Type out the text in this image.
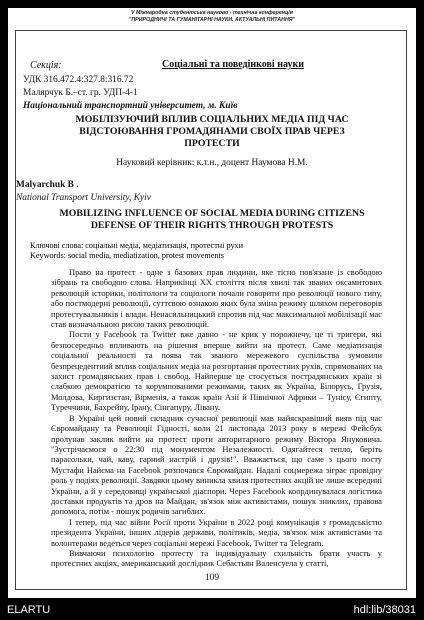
V Міжнародна студентська науково - технічна конференція
"ПРИРОДНИЧІ ТА ГУМАНІТАРНІ НАУКИ. АКТУАЛЬНІ ПИТАННЯ"
Секція:	Соціальні та поведінкові науки
УДК 316.472.4:327.8:316.72
Малярчук Б.–ст. гр. УДП-4-1
Національний транспортний університет, м. Київ
МОБІЛІЗУЮЧИЙ ВПЛИВ СОЦІАЛЬНИХ МЕДІА ПІД ЧАС
ВІДСТОЮВАННЯ ГРОМАДЯНАМИ СВОЇХ ПРАВ ЧЕРЕЗ
ПРОТЕСТИ
Науковий керівник: к.т.н., доцент Наумова Н.М.
Malyarchuk B .
National Transport University, Kyiv
MOBILIZING INFLUENCE OF SOCIAL MEDIA DURING CITIZENS
DEFENSE OF THEIR RIGHTS THROUGH PROTESTS
Ключові слова: соціальні медіа, медіатизація, протестні рухи
Keywords: social media, mediatization, protest movements

Право на протест - одне з базових прав людини, яке тісно пов'язане із свободою зібрань та свободою слова. Наприкінці XX століття після хвилі так званих оксамитових революцій історики, політологи та соціологи почали говорити про революції нового типу, або постмодерні революції, суттєвою ознакою яких була зміна режиму шляхом переговорів протестувальників і влади. Ненасильницький спротив під час максимальної мобілізації мас став визначальною рисою таких революцій.

Пости у Facebook та Twitter вже давно - не крик у порожнечу, це ті тригери, які безпосередньо впливають на рішення вперше вийти на протест. Саме медіатизація соціальної реальності та поява так званого мережевого суспільства зумовили безпрецедентний вплив соціальних медіа на розгортання протестних рухів, спрямованих на захист громадянських прав і свобод. Найперше це стосується пострадянських країн зі слабкою демократією та корумпованими режимами, таких як Україна, Білорусь, Грузія, Молдова, Киргизстан, Вірменія, а також країн Азії й Північної Африки – Тунісу, Єгипту, Туреччини, Бахрейну, Ірану, Сінгапуру, Лівану.

В Україні цей новий складник сучасної революції мав найяскравіший вияв під час Євромайдану та Революції Гідності, коли 21 листопада 2013 року в мережі Фейсбук пролунав заклик вийти на протест проти авторитарного режиму Віктора Януковича. "Зустрічаємося о 22:30 під монументом Незалежності. Одягайтеся тепло, беріть парасольки, чай, каву, гарний настрій і друзів!". Вважається, що саме з цього посту Мустафи Найєма на Facebook розпочався Євромайдан. Надалі соцмережа зіграє провідну роль у подіях революції. Завдяки цьому виникла хвиля протестних акцій не лише всередині України, а й у середовищі української діаспори. Через Facebook координувалася логістика доставки продуктів та дров на Майдан, зв'язок між активістами, пошук зниклих, правова допомога, потім - пошук родичів загиблих.

І тепер, під час війни Росії проти України в 2022 році комунікація з громадськістю президента України, інших лідерів держави, політиків, медіа, зв'язок між активістами та волонтерами ведеться через соціальні мережі Facebook, Twitter та Telegram.

Вивчаючи психологію протесту та індивідуальну схильність брати участь у протестних акціях, американський дослідник Себастьян Валенсуела у статті,

109
ELARTU	hdl:lib/38031
